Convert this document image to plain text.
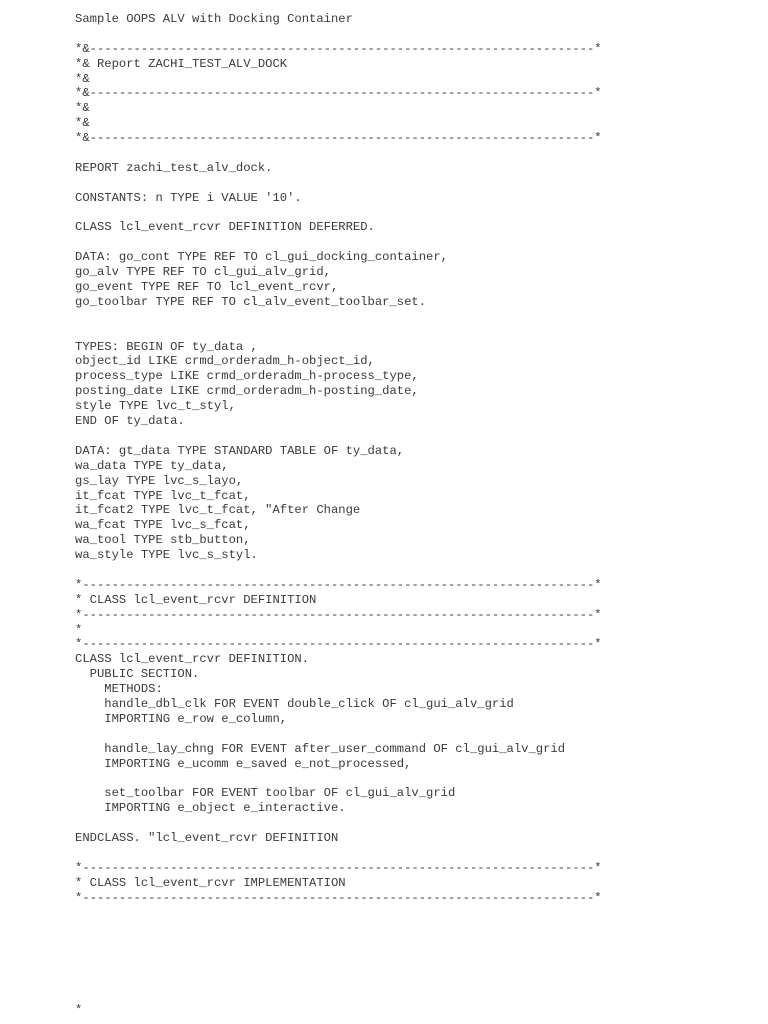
Sample OOPS ALV with Docking Container
*&---------------------------------------------------------------------*
*& Report ZACHI_TEST_ALV_DOCK
*&
*&---------------------------------------------------------------------*
*&
*&
*&---------------------------------------------------------------------*
REPORT zachi_test_alv_dock.
CONSTANTS: n TYPE i VALUE '10'.
CLASS lcl_event_rcvr DEFINITION DEFERRED.
DATA: go_cont TYPE REF TO cl_gui_docking_container,
go_alv TYPE REF TO cl_gui_alv_grid,
go_event TYPE REF TO lcl_event_rcvr,
go_toolbar TYPE REF TO cl_alv_event_toolbar_set.
TYPES: BEGIN OF ty_data ,
object_id LIKE crmd_orderadm_h-object_id,
process_type LIKE crmd_orderadm_h-process_type,
posting_date LIKE crmd_orderadm_h-posting_date,
style TYPE lvc_t_styl,
END OF ty_data.
DATA: gt_data TYPE STANDARD TABLE OF ty_data,
wa_data TYPE ty_data,
gs_lay TYPE lvc_s_layo,
it_fcat TYPE lvc_t_fcat,
it_fcat2 TYPE lvc_t_fcat, "After Change
wa_fcat TYPE lvc_s_fcat,
wa_tool TYPE stb_button,
wa_style TYPE lvc_s_styl.
*----------------------------------------------------------------------*
* CLASS lcl_event_rcvr DEFINITION
*----------------------------------------------------------------------*
*
*----------------------------------------------------------------------*
CLASS lcl_event_rcvr DEFINITION.
PUBLIC SECTION.
METHODS:
handle_dbl_clk FOR EVENT double_click OF cl_gui_alv_grid
IMPORTING e_row e_column,
handle_lay_chng FOR EVENT after_user_command OF cl_gui_alv_grid
IMPORTING e_ucomm e_saved e_not_processed,
set_toolbar FOR EVENT toolbar OF cl_gui_alv_grid
IMPORTING e_object e_interactive.
ENDCLASS. "lcl_event_rcvr DEFINITION
*----------------------------------------------------------------------*
* CLASS lcl_event_rcvr IMPLEMENTATION
*----------------------------------------------------------------------*
*
